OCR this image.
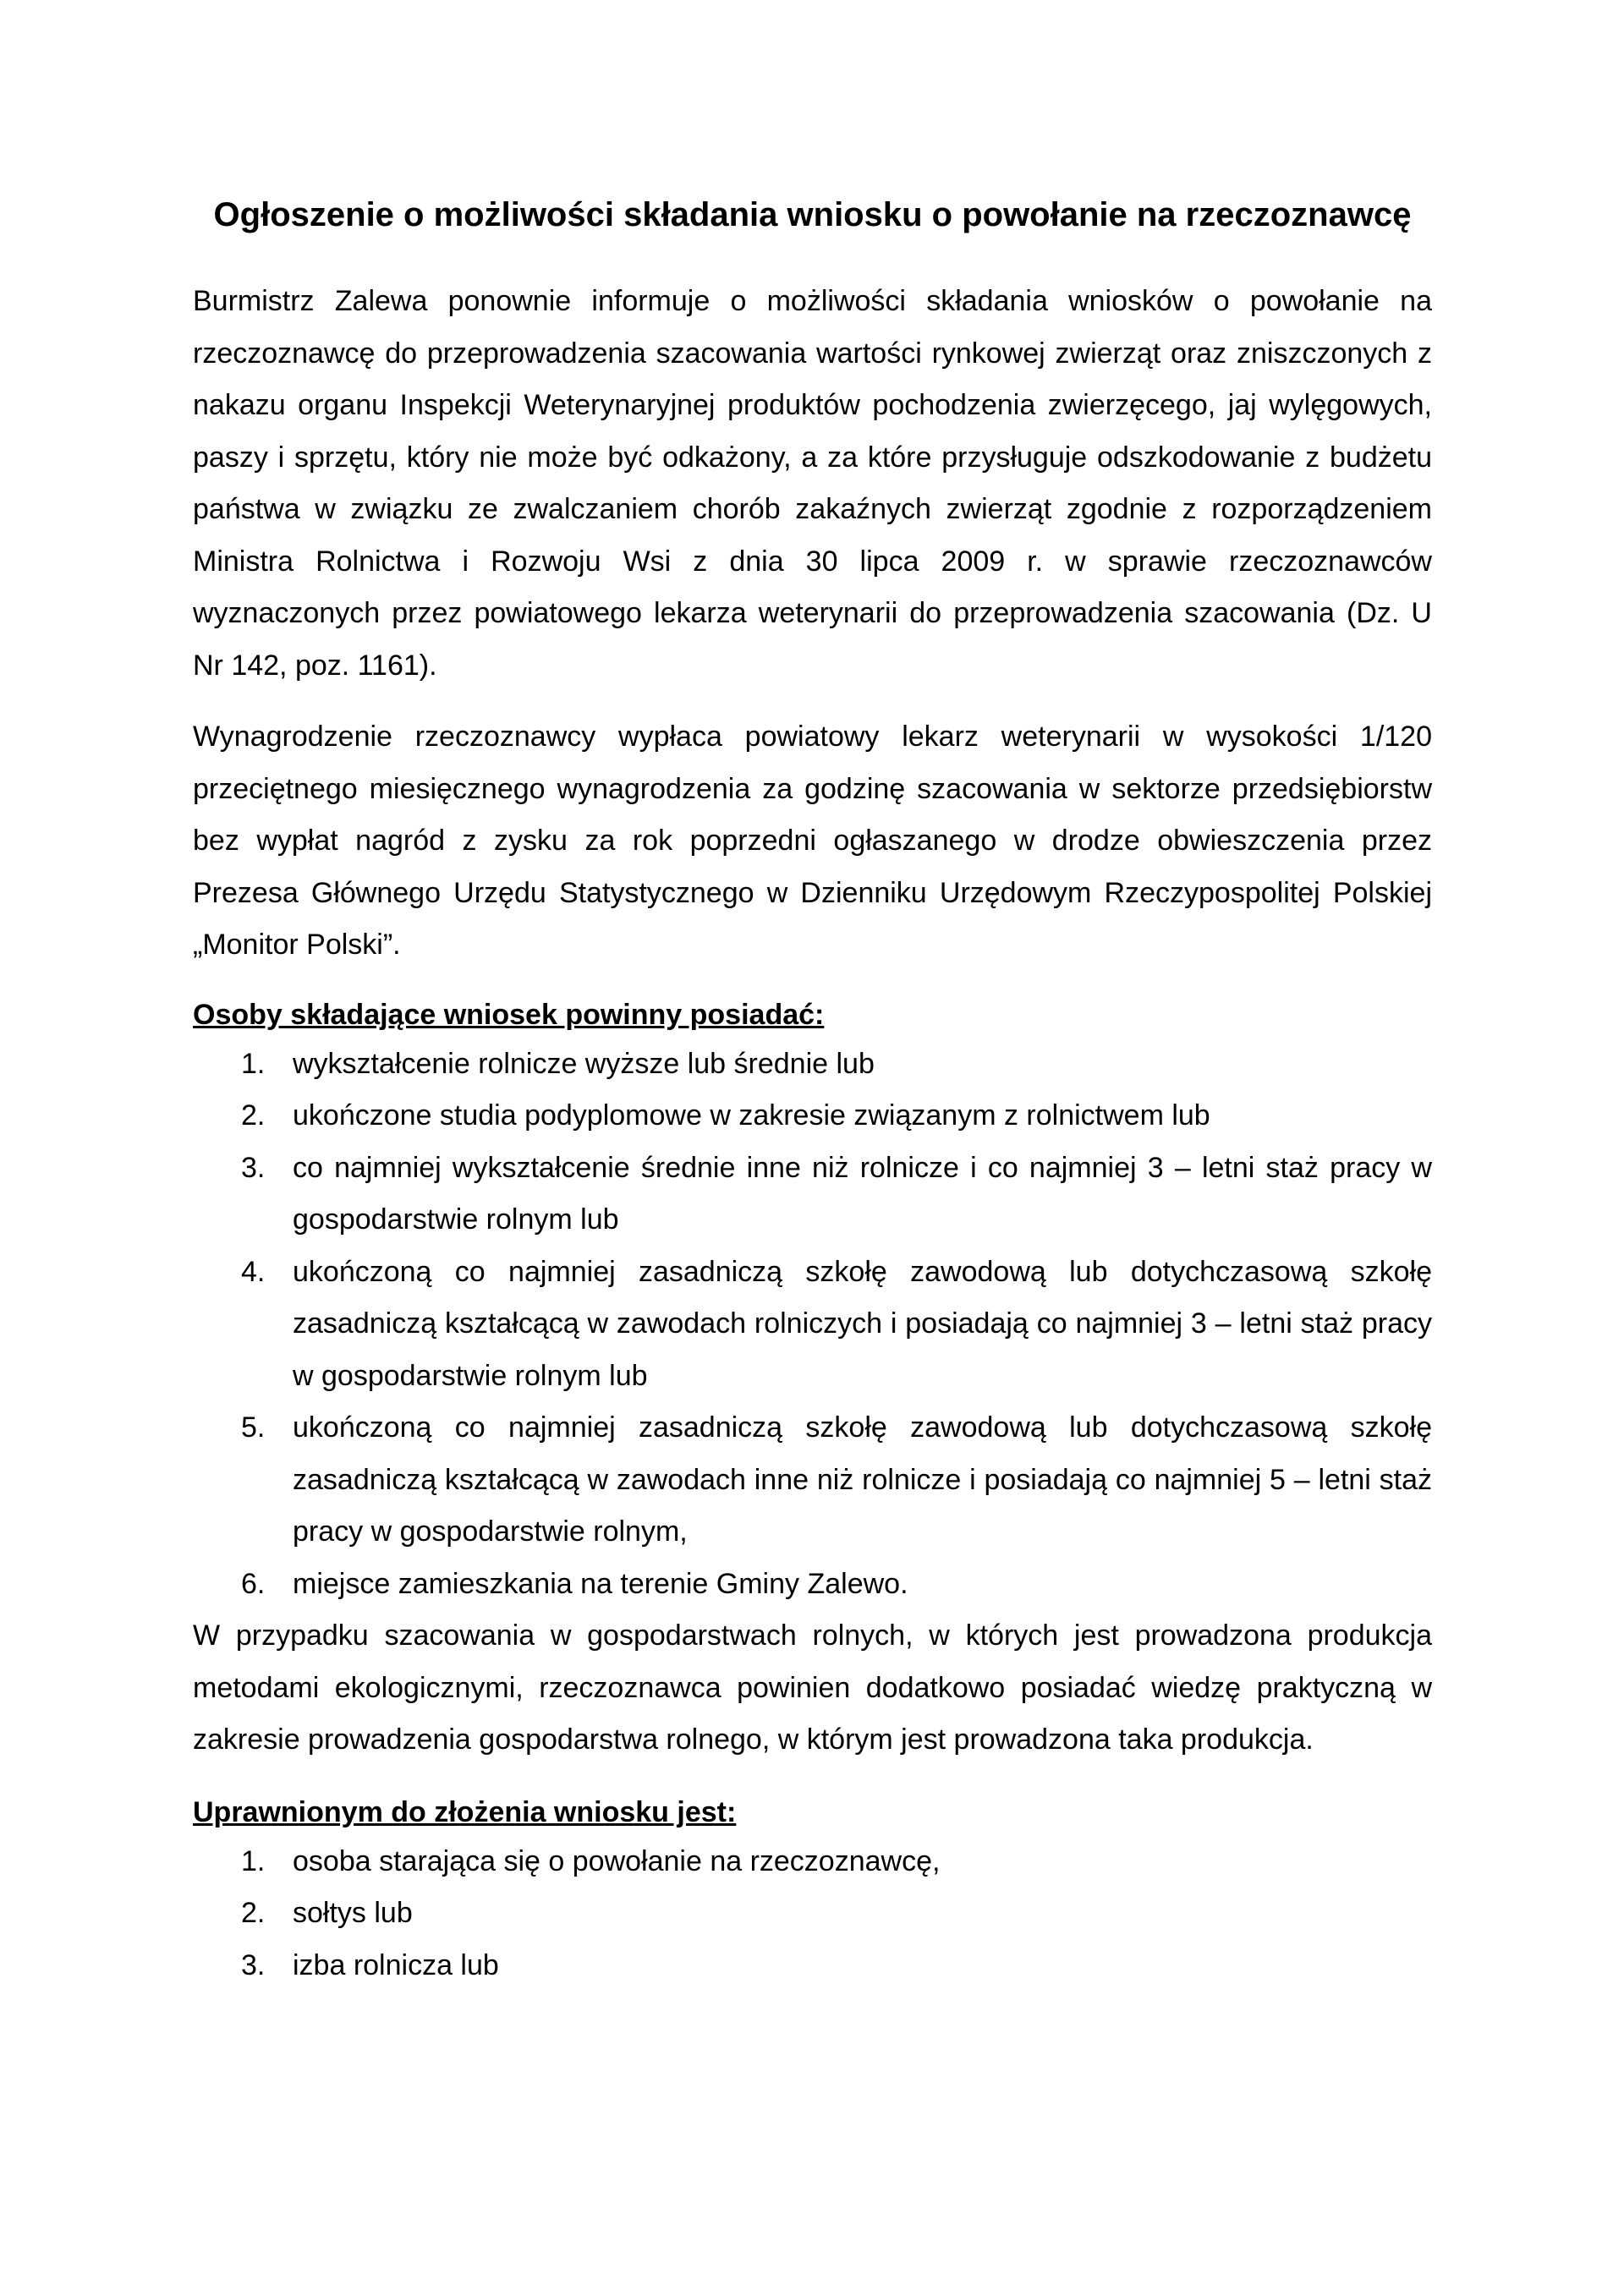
Ogłoszenie o możliwości składania wniosku o powołanie na rzeczoznawcę

Burmistrz Zalewa ponownie informuje o możliwości składania wniosków o powołanie na rzeczoznawcę do przeprowadzenia szacowania wartości rynkowej zwierząt oraz zniszczonych z nakazu organu Inspekcji Weterynaryjnej produktów pochodzenia zwierzęcego, jaj wylęgowych, paszy i sprzętu, który nie może być odkażony, a za które przysługuje odszkodowanie z budżetu państwa w związku ze zwalczaniem chorób zakaźnych zwierząt zgodnie z rozporządzeniem Ministra Rolnictwa i Rozwoju Wsi z dnia 30 lipca 2009 r. w sprawie rzeczoznawców wyznaczonych przez powiatowego lekarza weterynarii do przeprowadzenia szacowania (Dz. U Nr 142, poz. 1161).

Wynagrodzenie rzeczoznawcy wypłaca powiatowy lekarz weterynarii w wysokości 1/120 przeciętnego miesięcznego wynagrodzenia za godzinę szacowania w sektorze przedsiębiorstw bez wypłat nagród z zysku za rok poprzedni ogłaszanego w drodze obwieszczenia przez Prezesa Głównego Urzędu Statystycznego w Dzienniku Urzędowym Rzeczypospolitej Polskiej „Monitor Polski”.

Osoby składające wniosek powinny posiadać:

1. wykształcenie rolnicze wyższe lub średnie lub
2. ukończone studia podyplomowe w zakresie związanym z rolnictwem lub
3. co najmniej wykształcenie średnie inne niż rolnicze i co najmniej 3 – letni staż pracy w gospodarstwie rolnym lub
4. ukończoną co najmniej zasadniczą szkołę zawodową lub dotychczasową szkołę zasadniczą kształcącą w zawodach rolniczych i posiadają co najmniej 3 – letni staż pracy w gospodarstwie rolnym lub
5. ukończoną co najmniej zasadniczą szkołę zawodową lub dotychczasową szkołę zasadniczą kształcącą w zawodach inne niż rolnicze i posiadają co najmniej 5 – letni staż pracy w gospodarstwie rolnym,
6. miejsce zamieszkania na terenie Gminy Zalewo.

W przypadku szacowania w gospodarstwach rolnych, w których jest prowadzona produkcja metodami ekologicznymi, rzeczoznawca powinien dodatkowo posiadać wiedzę praktyczną w zakresie prowadzenia gospodarstwa rolnego, w którym jest prowadzona taka produkcja.

Uprawnionym do złożenia wniosku jest:

1. osoba starająca się o powołanie na rzeczoznawcę,
2. sołtys lub
3. izba rolnicza lub
